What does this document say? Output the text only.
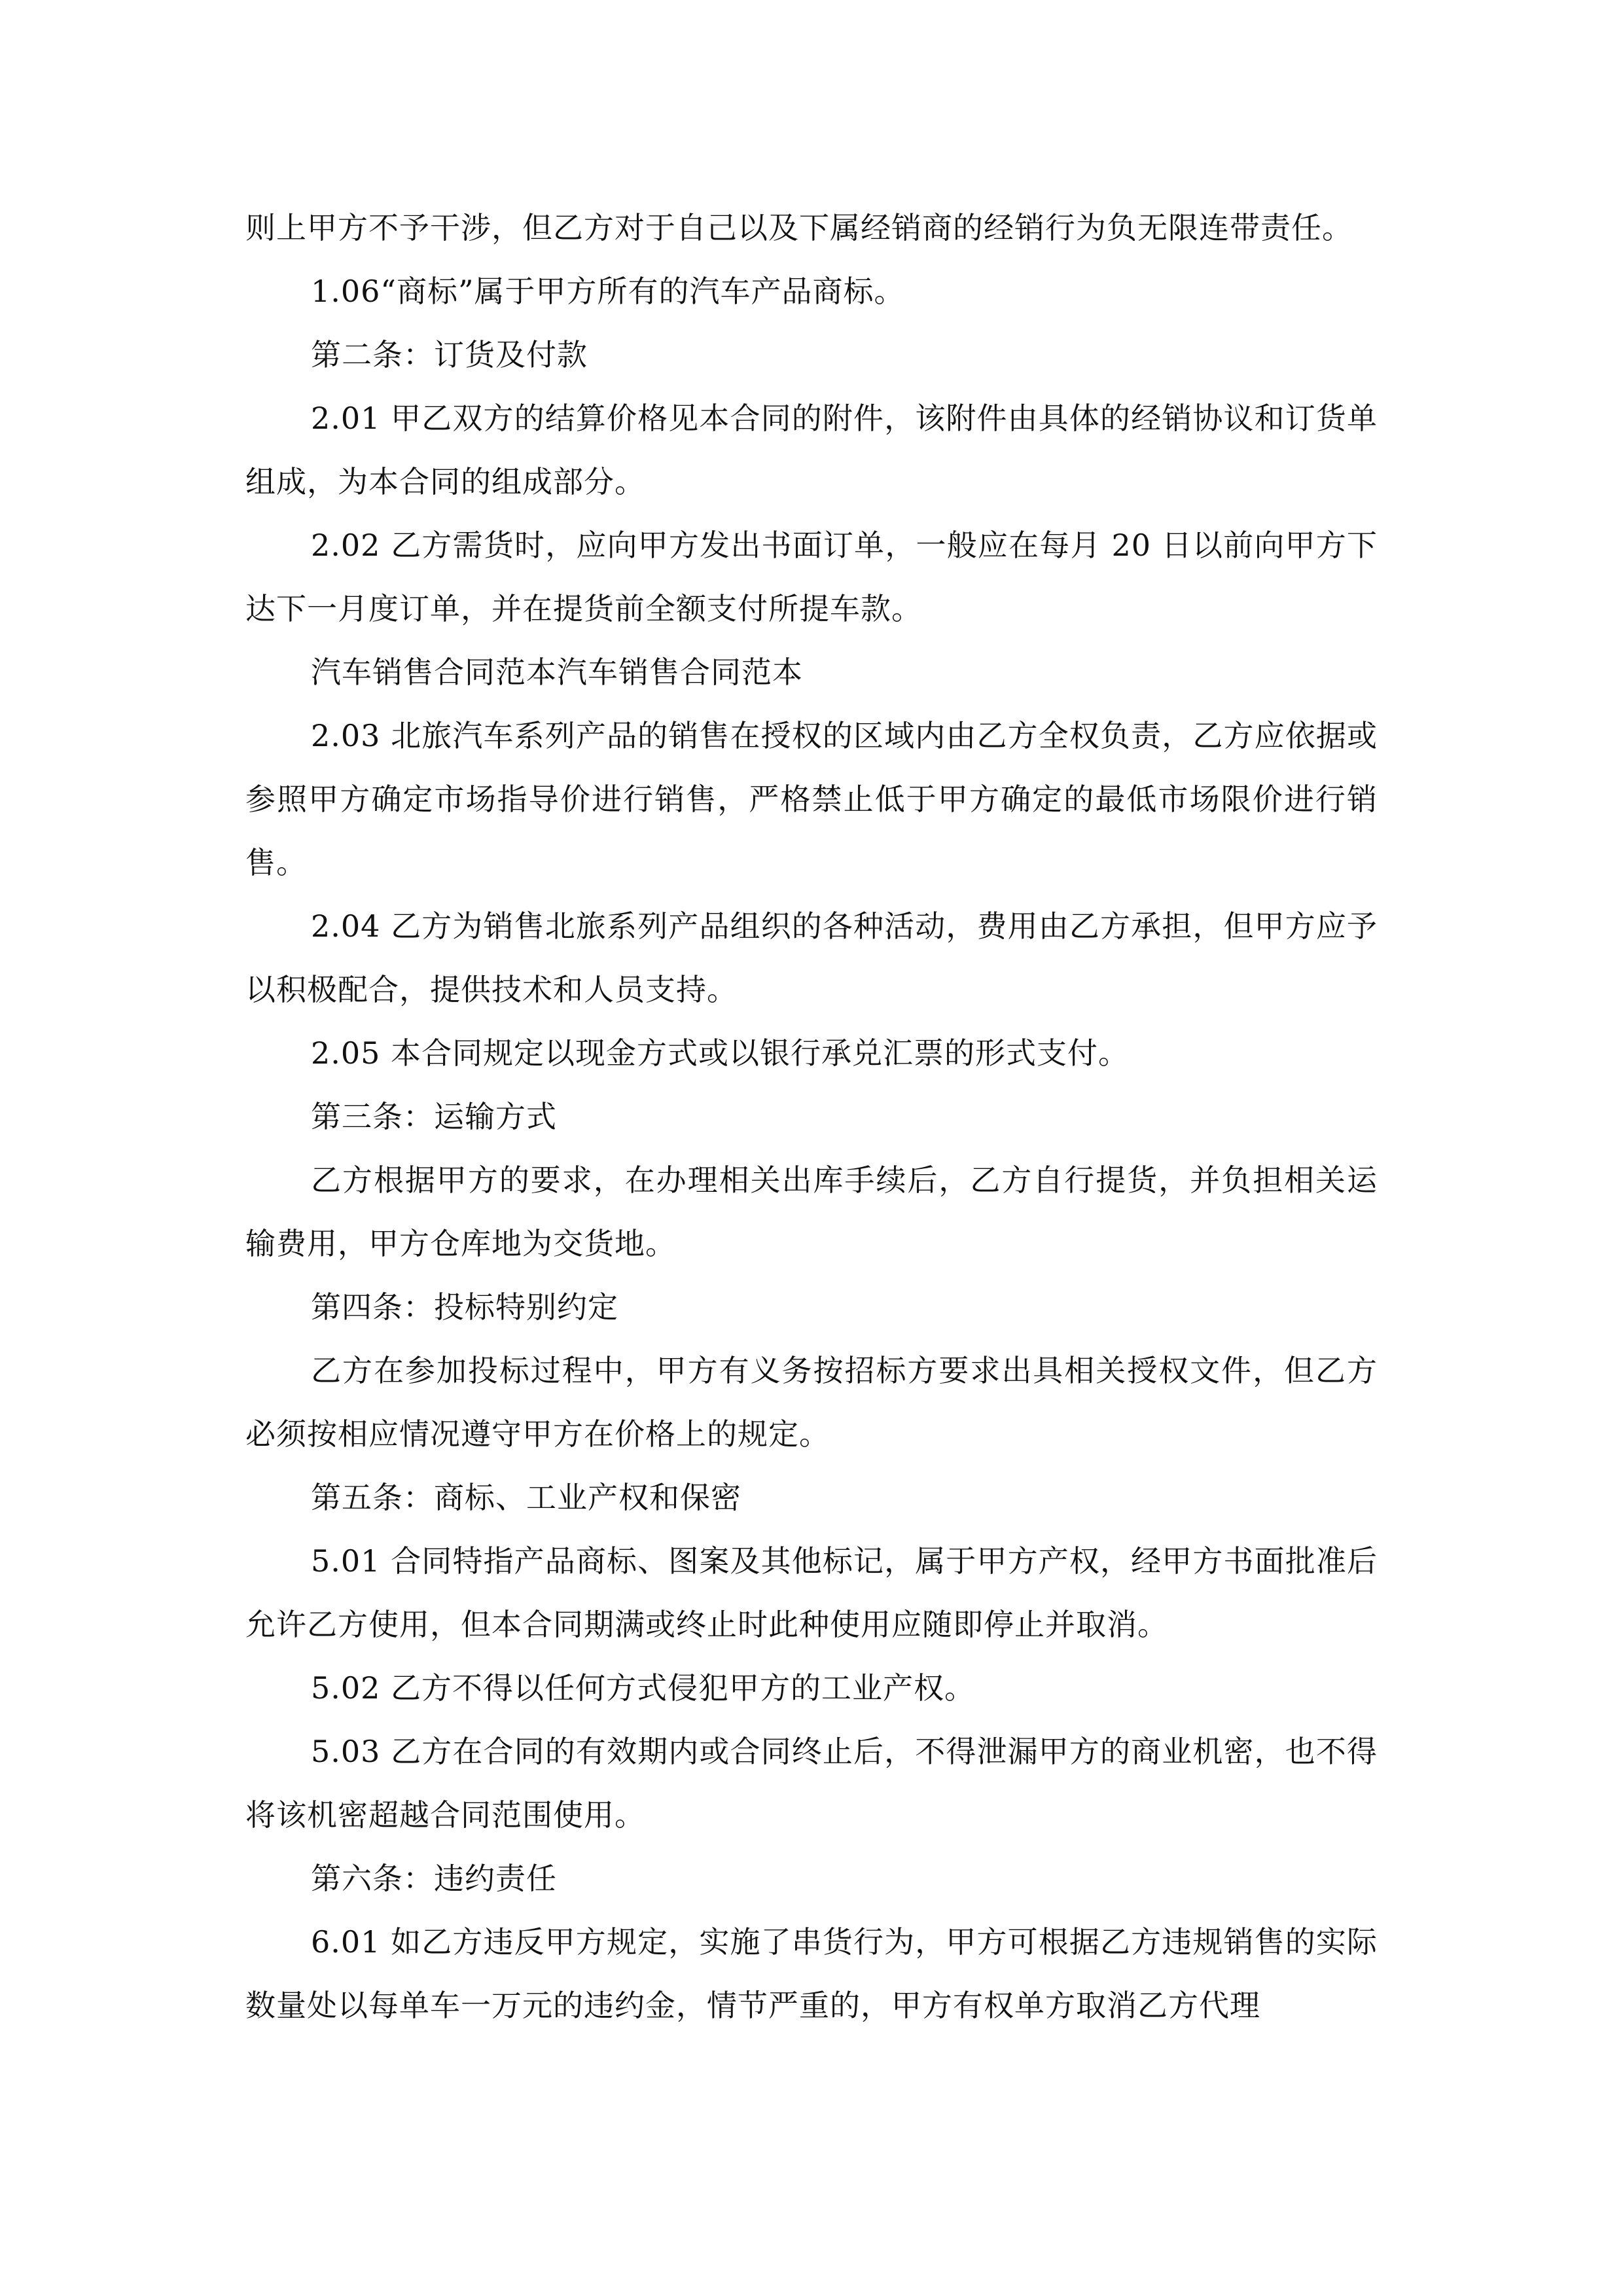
则上甲方不予干涉，但乙方对于自己以及下属经销商的经销行为负无限连带责任。

1.06“商标”属于甲方所有的汽车产品商标。

第二条：订货及付款

2.01 甲乙双方的结算价格见本合同的附件，该附件由具体的经销协议和订货单组成，为本合同的组成部分。

2.02 乙方需货时，应向甲方发出书面订单，一般应在每月 20 日以前向甲方下达下一月度订单，并在提货前全额支付所提车款。

汽车销售合同范本汽车销售合同范本

2.03 北旅汽车系列产品的销售在授权的区域内由乙方全权负责，乙方应依据或参照甲方确定市场指导价进行销售，严格禁止低于甲方确定的最低市场限价进行销售。

2.04 乙方为销售北旅系列产品组织的各种活动，费用由乙方承担，但甲方应予以积极配合，提供技术和人员支持。

2.05 本合同规定以现金方式或以银行承兑汇票的形式支付。

第三条：运输方式

乙方根据甲方的要求，在办理相关出库手续后，乙方自行提货，并负担相关运输费用，甲方仓库地为交货地。

第四条：投标特别约定

乙方在参加投标过程中，甲方有义务按招标方要求出具相关授权文件，但乙方必须按相应情况遵守甲方在价格上的规定。

第五条：商标、工业产权和保密

5.01 合同特指产品商标、图案及其他标记，属于甲方产权，经甲方书面批准后允许乙方使用，但本合同期满或终止时此种使用应随即停止并取消。

5.02 乙方不得以任何方式侵犯甲方的工业产权。

5.03 乙方在合同的有效期内或合同终止后，不得泄漏甲方的商业机密，也不得将该机密超越合同范围使用。

第六条：违约责任

6.01 如乙方违反甲方规定，实施了串货行为，甲方可根据乙方违规销售的实际数量处以每单车一万元的违约金，情节严重的，甲方有权单方取消乙方代理
